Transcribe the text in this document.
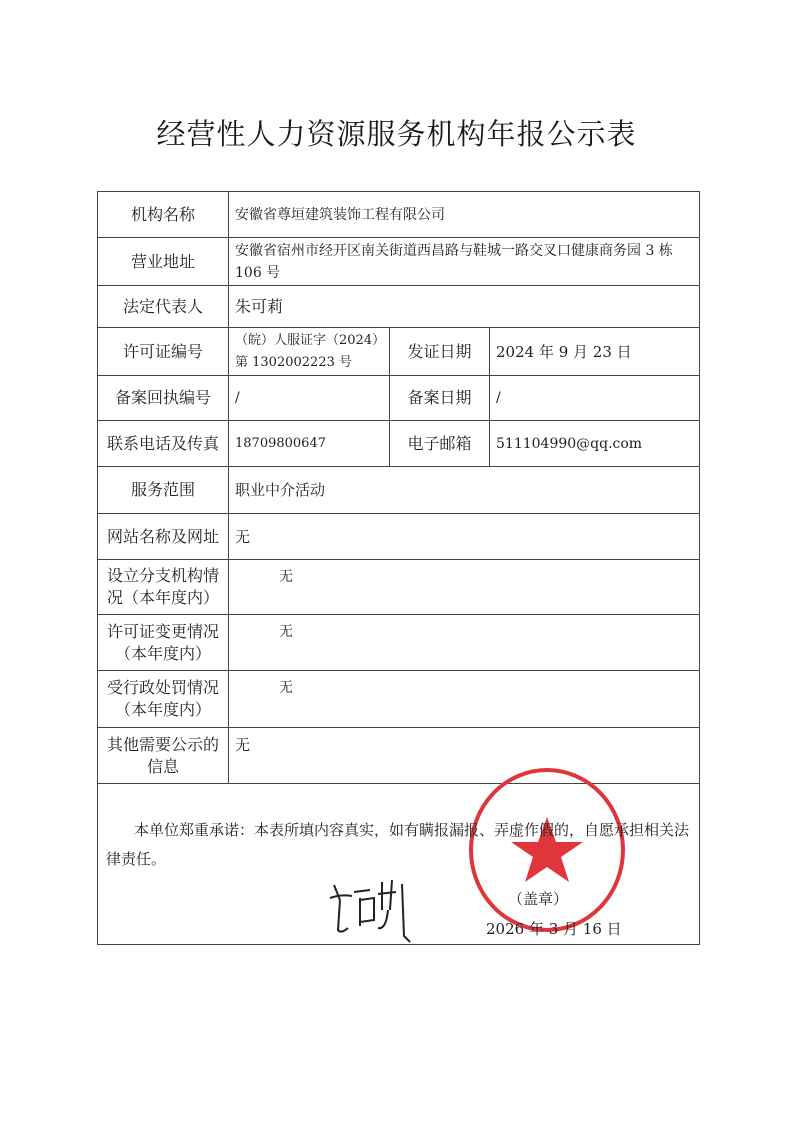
经营性人力资源服务机构年报公示表
机构名称	安徽省尊垣建筑装饰工程有限公司		
营业地址	安徽省宿州市经开区南关街道西昌路与鞋城一路交叉口健康商务园 3 栋 106 号		
法定代表人	朱可莉		
许可证编号	（皖）人服证字（2024）第 1302002223 号	发证日期	2024 年 9 月 23 日
备案回执编号	/	备案日期	/
联系电话及传真	18709800647	电子邮箱	511104990@qq.com
服务范围	职业中介活动		
网站名称及网址	无		
设立分支机构情况（本年度内）	无		
许可证变更情况（本年度内）	无		
受行政处罚情况（本年度内）	无		
其他需要公示的信息	无		

本单位郑重承诺：本表所填内容真实，如有瞒报漏报、弄虚作假的，自愿承担相关法律责任。
（盖章）
2026 年 3 月 16 日			
